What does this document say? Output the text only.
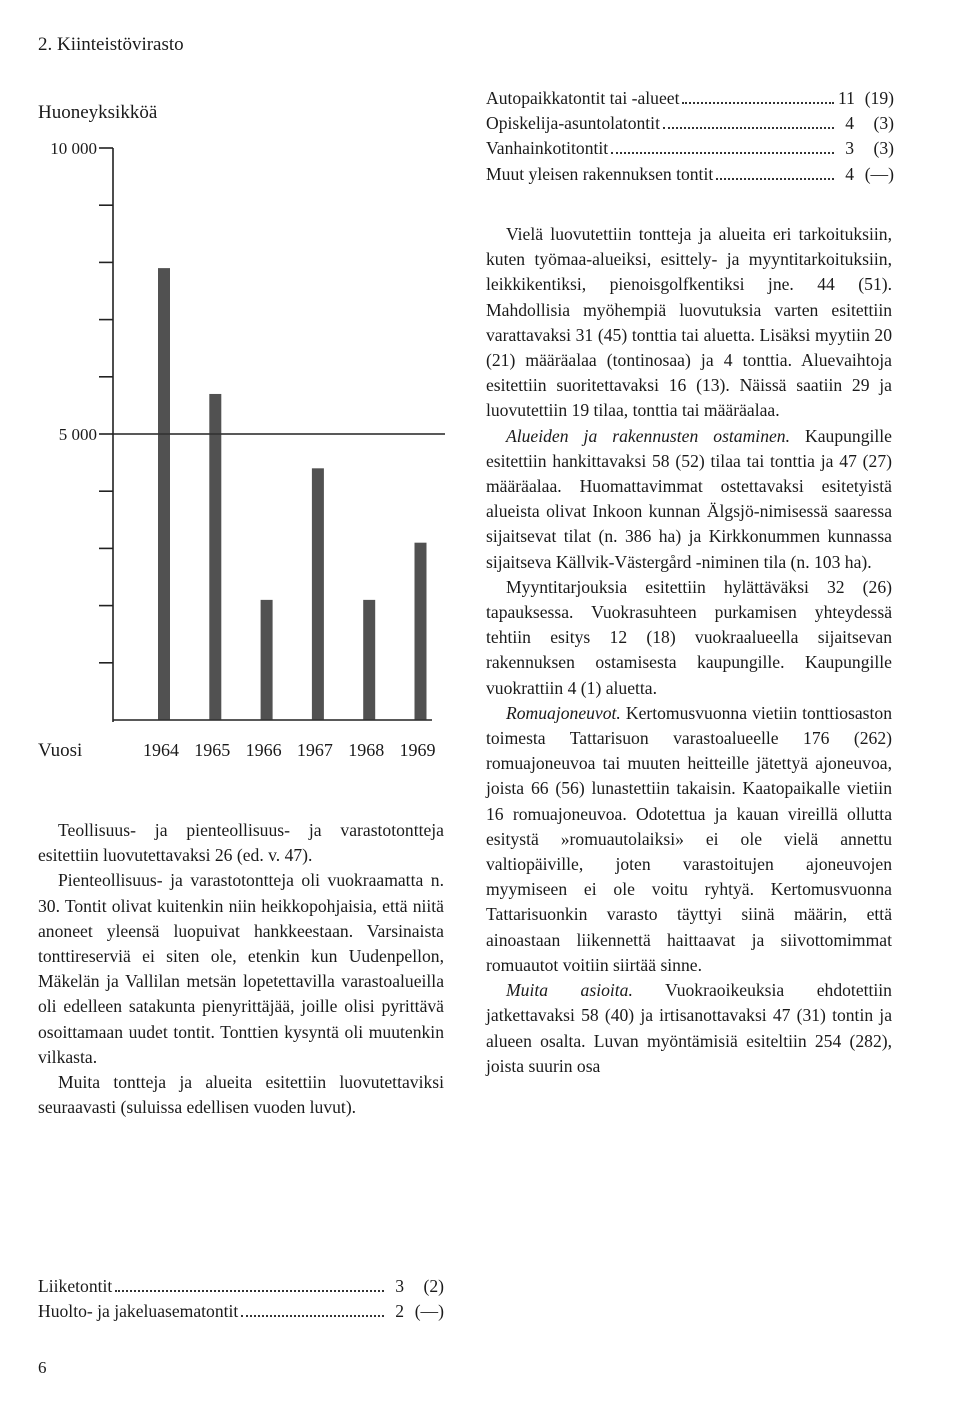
2. Kiinteistövirasto
Huoneyksikköä
5 000
10 000
1964 1965 1966 1967 1968 1969
Vuosi

Teollisuus- ja pienteollisuus- ja varastotontteja esitettiin luovutettavaksi 26 (ed. v. 47).

Pienteollisuus- ja varastotontteja oli vuokraamatta n. 30. Tontit olivat kuitenkin niin heikkopohjaisia, että niitä anoneet yleensä luopuivat hankkeestaan. Varsinaista tonttireserviä ei siten ole, etenkin kun Uudenpellon, Mäkelän ja Vallilan metsän lopetettavilla varastoalueilla oli edelleen satakunta pienyrittäjää, joille olisi pyrittävä osoittamaan uudet tontit. Tonttien kysyntä oli muutenkin vilkasta.

Muita tontteja ja alueita esitettiin luovutettaviksi seuraavasti (suluissa edellisen vuoden luvut).

Liiketontit	3	(2)
Huolto- ja jakeluasematontit	2 (—)
Autopaikkatontit tai -alueet	11 (19)
Opiskelija-asuntolatontit	4	(3)
Vanhainkotitontit	3	(3)
Muut yleisen rakennuksen tontit	4 (—)

Vielä luovutettiin tontteja ja alueita eri tarkoituksiin, kuten työmaa-alueiksi, esittely- ja myyntitarkoituksiin, leikkikentiksi, pienoisgolfkentiksi jne. 44 (51). Mahdollisia myöhempiä luovutuksia varten esitettiin varattavaksi 31 (45) tonttia tai aluetta. Lisäksi myytiin 20 (21) määräalaa (tontinosaa) ja 4 tonttia. Aluevaihtoja esitettiin suoritettavaksi 16 (13). Näissä saatiin 29 ja luovutettiin 19 tilaa, tonttia tai määräalaa.

Alueiden ja rakennusten ostaminen. Kaupungille esitettiin hankittavaksi 58 (52) tilaa tai tonttia ja 47 (27) määräalaa. Huomattavimmat ostettavaksi esitetyistä alueista olivat Inkoon kunnan Älgsjö-nimisessä saaressa sijaitsevat tilat (n. 386 ha) ja Kirkkonummen kunnassa sijaitseva Källvik-Västergård -niminen tila (n. 103 ha).

Myyntitarjouksia esitettiin hylättäväksi 32 (26) tapauksessa. Vuokrasuhteen purkamisen yhteydessä tehtiin esitys 12 (18) vuokraalueella sijaitsevan rakennuksen ostamisesta kaupungille. Kaupungille vuokrattiin 4 (1) aluetta.

Romuajoneuvot. Kertomusvuonna vietiin tonttiosaston toimesta Tattarisuon varastoalueelle 176 (262) romuajoneuvoa tai muuten heitteille jätettyä ajoneuvoa, joista 66 (56) lunastettiin takaisin. Kaatopaikalle vietiin 16 romuajoneuvoa. Odotettua ja kauan vireillä ollutta esitystä »romuautolaiksi» ei ole vielä annettu valtiopäiville, joten varastoitujen ajoneuvojen myymiseen ei ole voitu ryhtyä. Kertomusvuonna Tattarisuonkin varasto täyttyi siinä määrin, että ainoastaan liikennettä haittaavat ja siivottomimmat romuautot voitiin siirtää sinne.

Muita asioita. Vuokraoikeuksia ehdotettiin jatkettavaksi 58 (40) ja irtisanottavaksi 47 (31) tontin ja alueen osalta. Luvan myöntämisiä esiteltiin 254 (282), joista suurin osa

6
